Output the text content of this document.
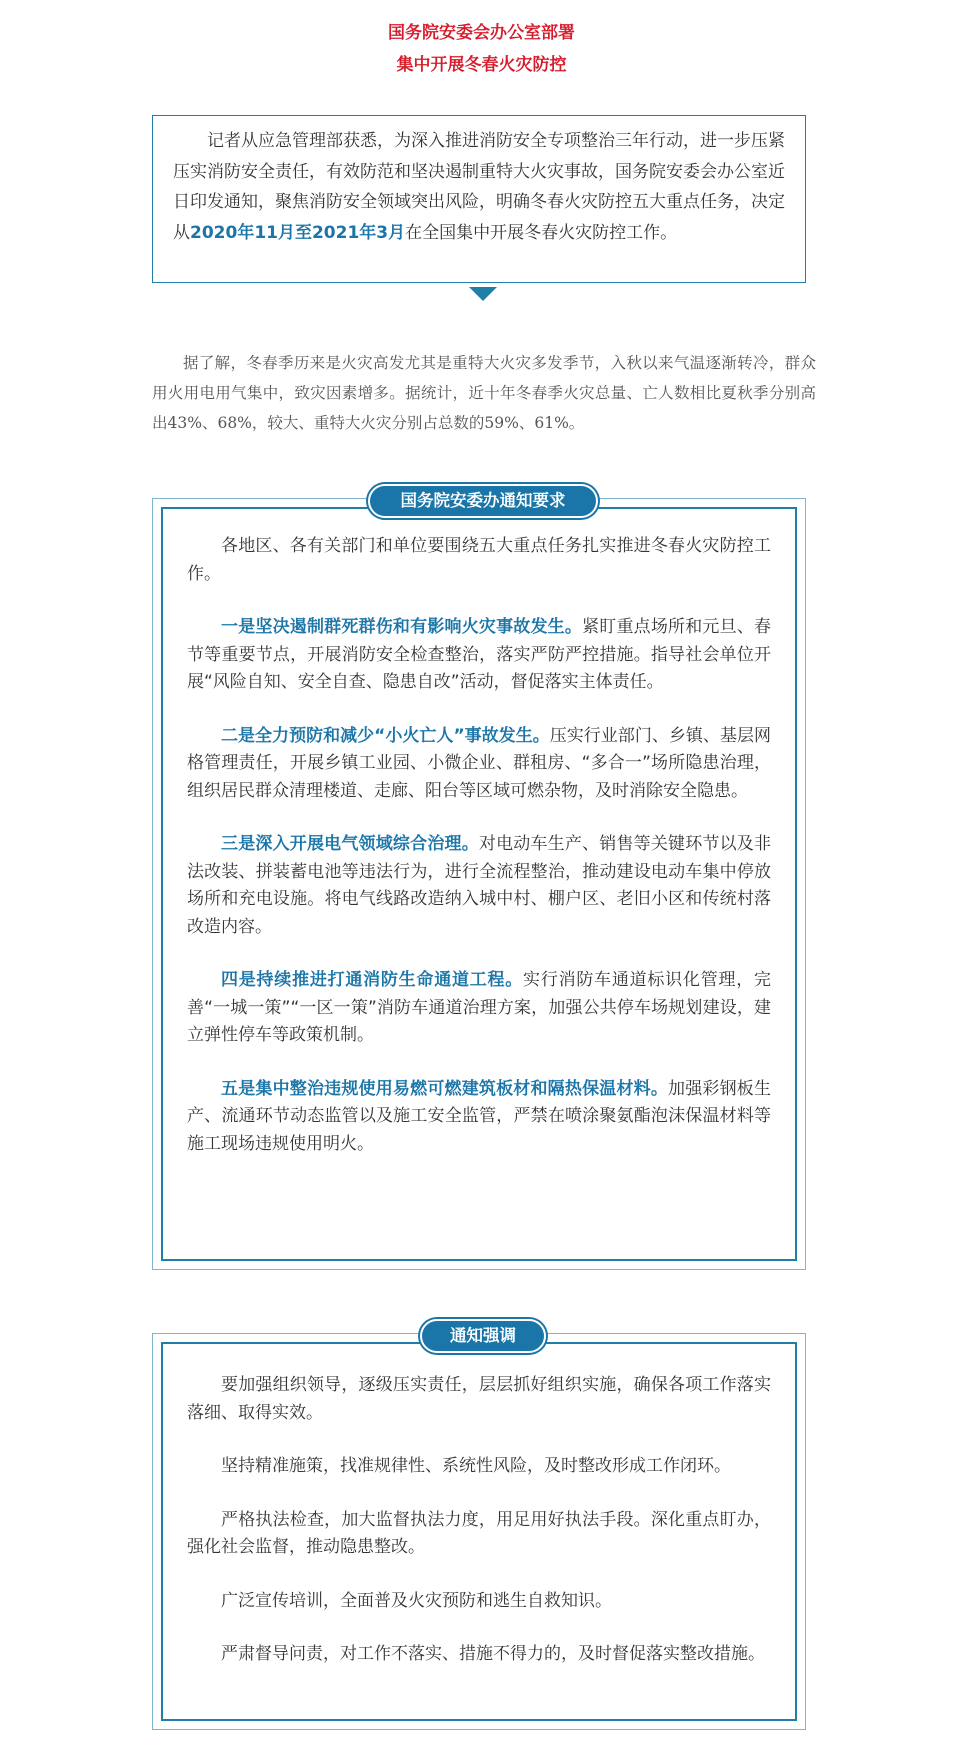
国务院安委会办公室部署
集中开展冬春火灾防控
记者从应急管理部获悉，为深入推进消防安全专项整治三年行动，进一步压紧压实消防安全责任，有效防范和坚决遏制重特大火灾事故，国务院安委会办公室近日印发通知，聚焦消防安全领域突出风险，明确冬春火灾防控五大重点任务，决定从2020年11月至2021年3月在全国集中开展冬春火灾防控工作。

据了解，冬春季历来是火灾高发尤其是重特大火灾多发季节，入秋以来气温逐渐转冷，群众用火用电用气集中，致灾因素增多。据统计，近十年冬春季火灾总量、亡人数相比夏秋季分别高出43%、68%，较大、重特大火灾分别占总数的59%、61%。

各地区、各有关部门和单位要围绕五大重点任务扎实推进冬春火灾防控工作。

一是坚决遏制群死群伤和有影响火灾事故发生。紧盯重点场所和元旦、春节等重要节点，开展消防安全检查整治，落实严防严控措施。指导社会单位开展“风险自知、安全自查、隐患自改”活动，督促落实主体责任。

二是全力预防和减少“小火亡人”事故发生。压实行业部门、乡镇、基层网格管理责任，开展乡镇工业园、小微企业、群租房、“多合一”场所隐患治理，组织居民群众清理楼道、走廊、阳台等区域可燃杂物，及时消除安全隐患。

三是深入开展电气领域综合治理。对电动车生产、销售等关键环节以及非法改装、拼装蓄电池等违法行为，进行全流程整治，推动建设电动车集中停放场所和充电设施。将电气线路改造纳入城中村、棚户区、老旧小区和传统村落改造内容。

四是持续推进打通消防生命通道工程。实行消防车通道标识化管理，完善“一城一策”“一区一策”消防车通道治理方案，加强公共停车场规划建设，建立弹性停车等政策机制。

五是集中整治违规使用易燃可燃建筑板材和隔热保温材料。加强彩钢板生产、流通环节动态监管以及施工安全监管，严禁在喷涂聚氨酯泡沫保温材料等施工现场违规使用明火。

国务院安委办通知要求

要加强组织领导，逐级压实责任，层层抓好组织实施，确保各项工作落实落细、取得实效。

坚持精准施策，找准规律性、系统性风险，及时整改形成工作闭环。

严格执法检查，加大监督执法力度，用足用好执法手段。深化重点盯办，强化社会监督，推动隐患整改。

广泛宣传培训，全面普及火灾预防和逃生自救知识。

严肃督导问责，对工作不落实、措施不得力的，及时督促落实整改措施。

通知强调
